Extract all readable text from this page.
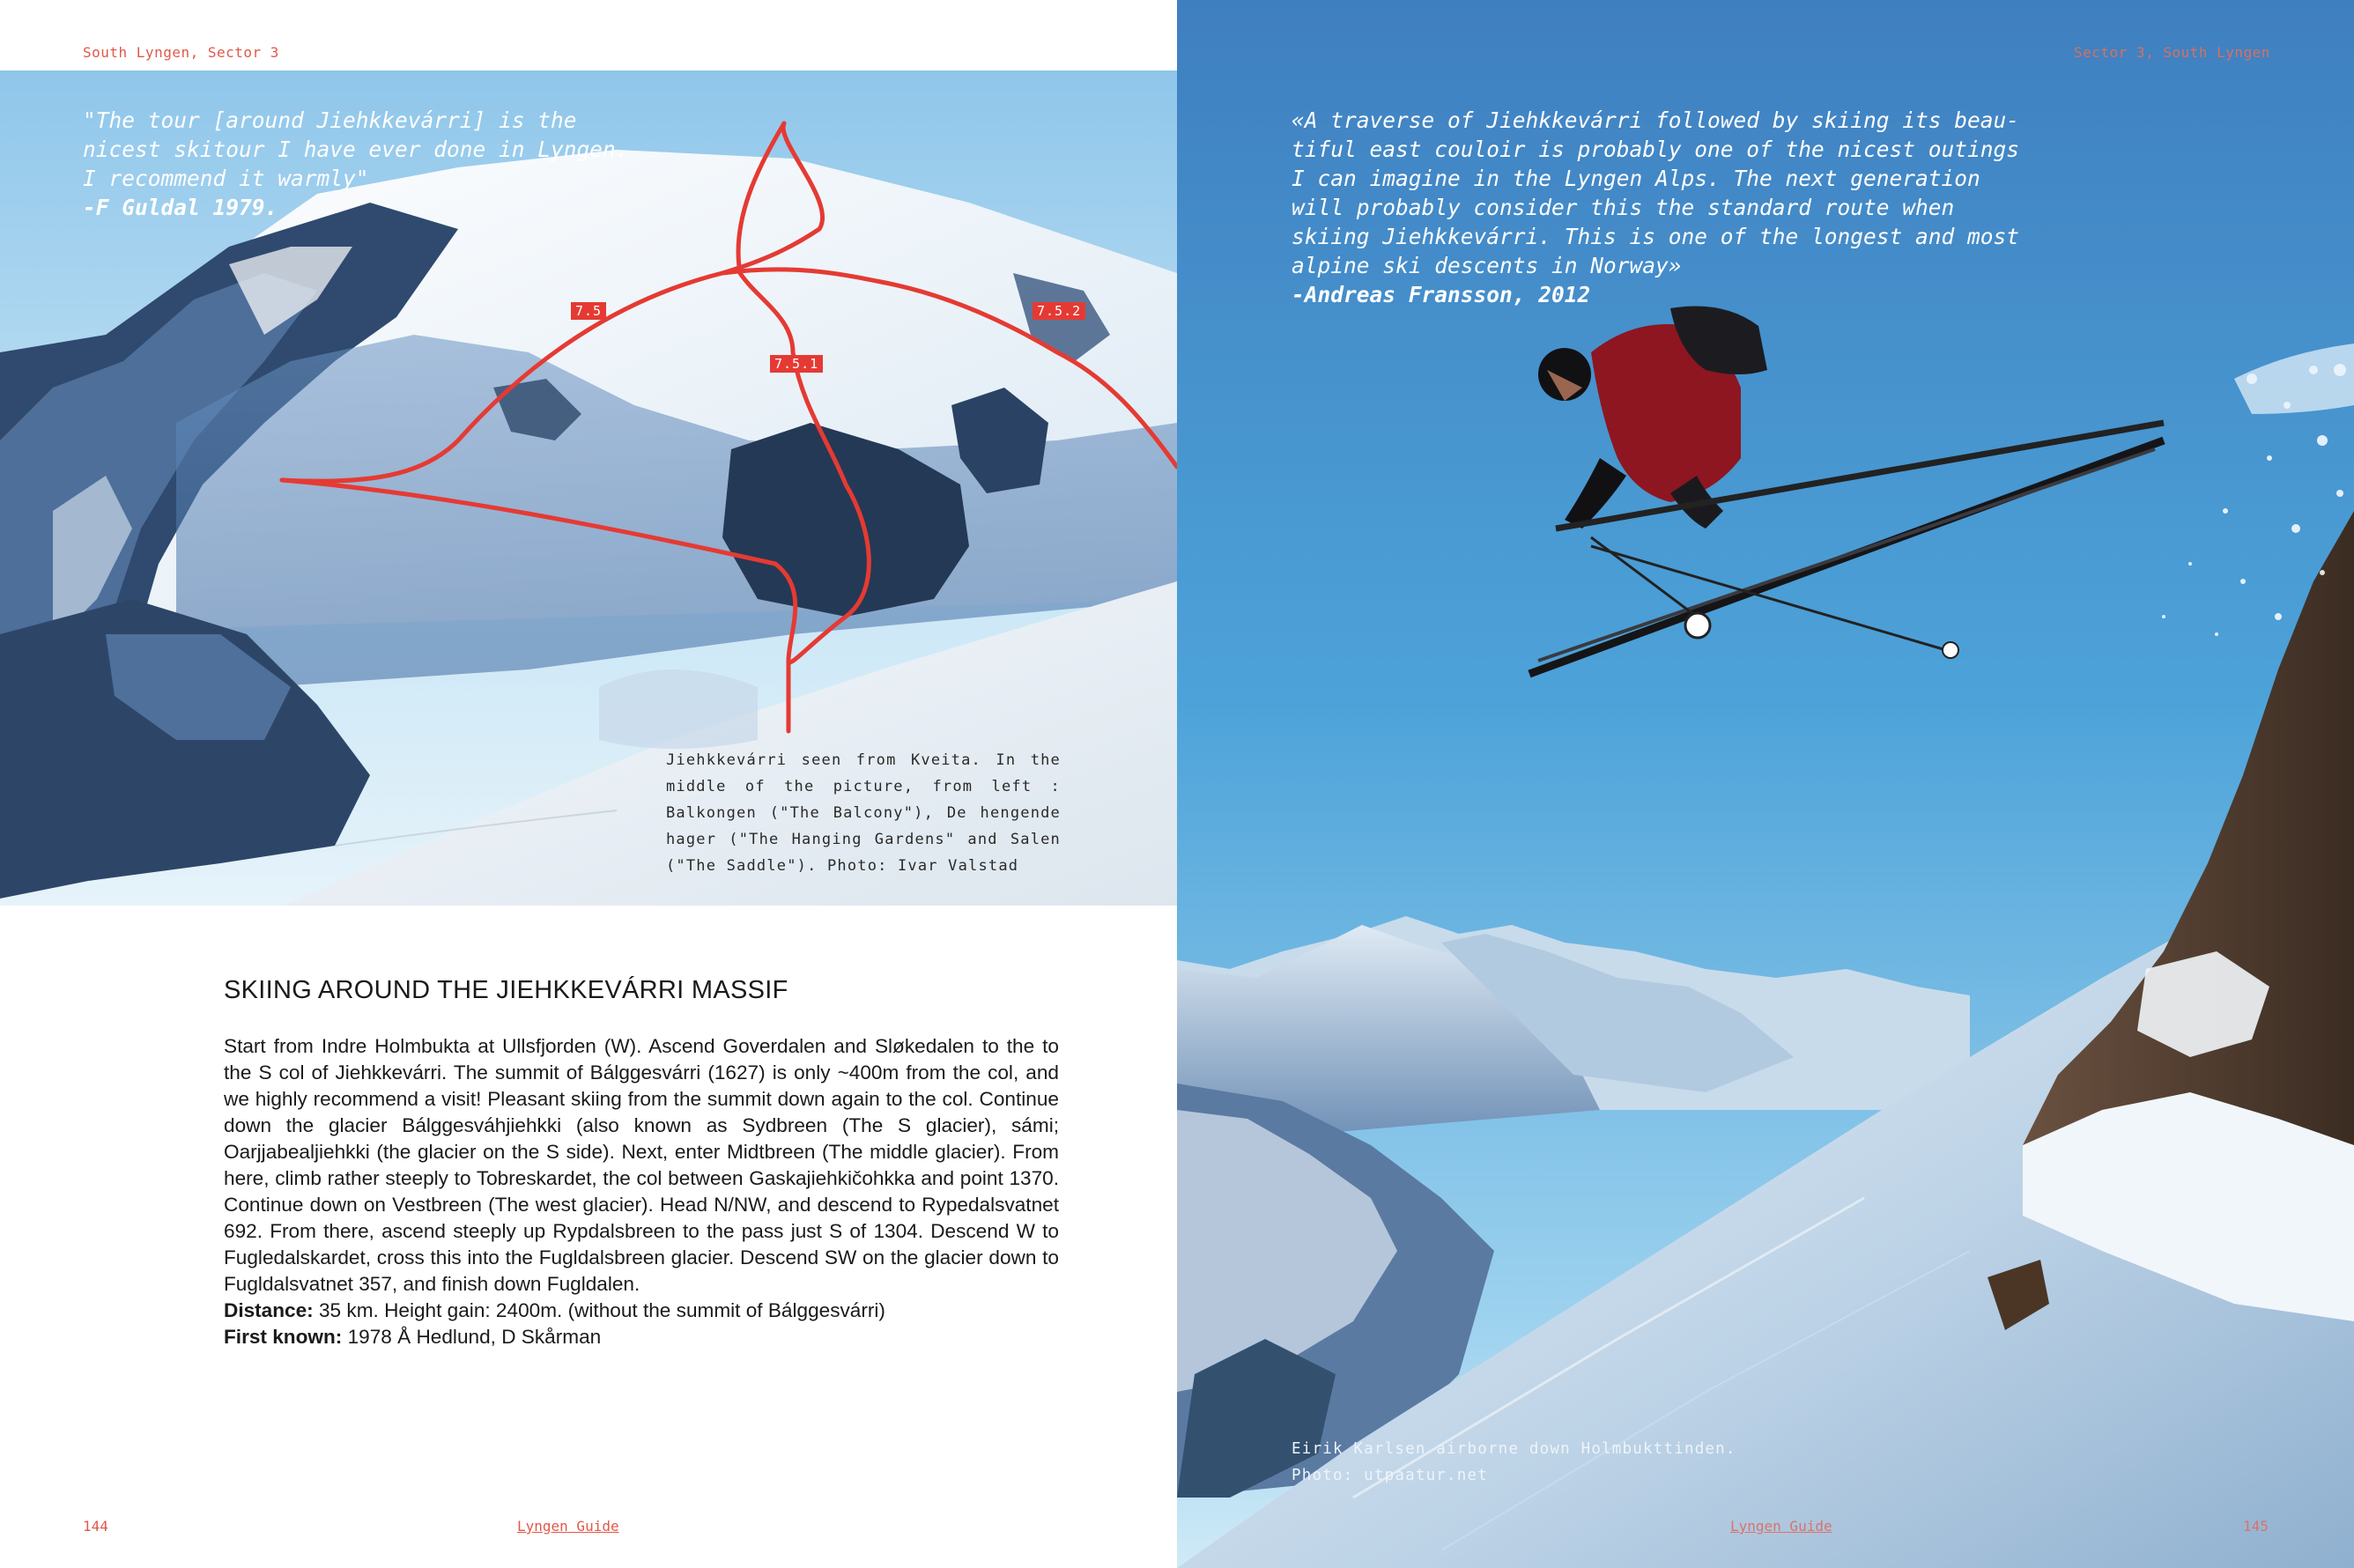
South Lyngen, Sector 3
7.5
7.5.1
7.5.2
"The tour [around Jiehkkevárri] is the
nicest skitour I have ever done in Lyngen.
I recommend it warmly"
-F Guldal 1979.
Jiehkkevárri seen from Kveita. In the middle of the picture, from left : Balkongen ("The Balcony"), De hengende hager ("The Hanging Gardens" and Salen ("The Saddle"). Photo: Ivar Valstad
SKIING AROUND THE JIEHKKEVÁRRI MASSIF

Start from Indre Holmbukta at Ullsfjorden (W). Ascend Goverdalen and Sløkedalen to the to the S col of Jiehkkevárri. The summit of Bálggesvárri (1627) is only ~400m from the col, and we highly recommend a visit! Pleasant skiing from the summit down again to the col. Continue down the glacier Bálggesváhjiehkki (also known as Sydbreen (The S glacier), sámi; Oarjjabealjiehkki (the glacier on the S side). Next, enter Midtbreen (The middle glacier). From here, climb rather steeply to Tobreskardet, the col between Gaskajiehkičohkka and point 1370. Continue down on Vestbreen (The west glacier). Head N/NW, and descend to Rypedalsvatnet 692. From there, ascend steeply up Rypdalsbreen to the pass just S of 1304. Descend W to Fugledalskardet, cross this into the Fugldalsbreen glacier. Descend SW on the glacier down to Fugldalsvatnet 357, and finish down Fugldalen.

Distance: 35 km. Height gain: 2400m. (without the summit of Bálggesvárri)

First known: 1978 Å Hedlund, D Skårman

144	Lyngen Guide
Sector 3, South Lyngen
«A traverse of Jiehkkevárri followed by skiing its beau-
tiful east couloir is probably one of the nicest outings
I can imagine in the Lyngen Alps. The next generation
will probably consider this the standard route when
skiing Jiehkkevárri. This is one of the longest and most
alpine ski descents in Norway»
-Andreas Fransson, 2012
Eirik Karlsen airborne down Holmbukttinden.
Photo: utpaatur.net
Lyngen Guide	145
